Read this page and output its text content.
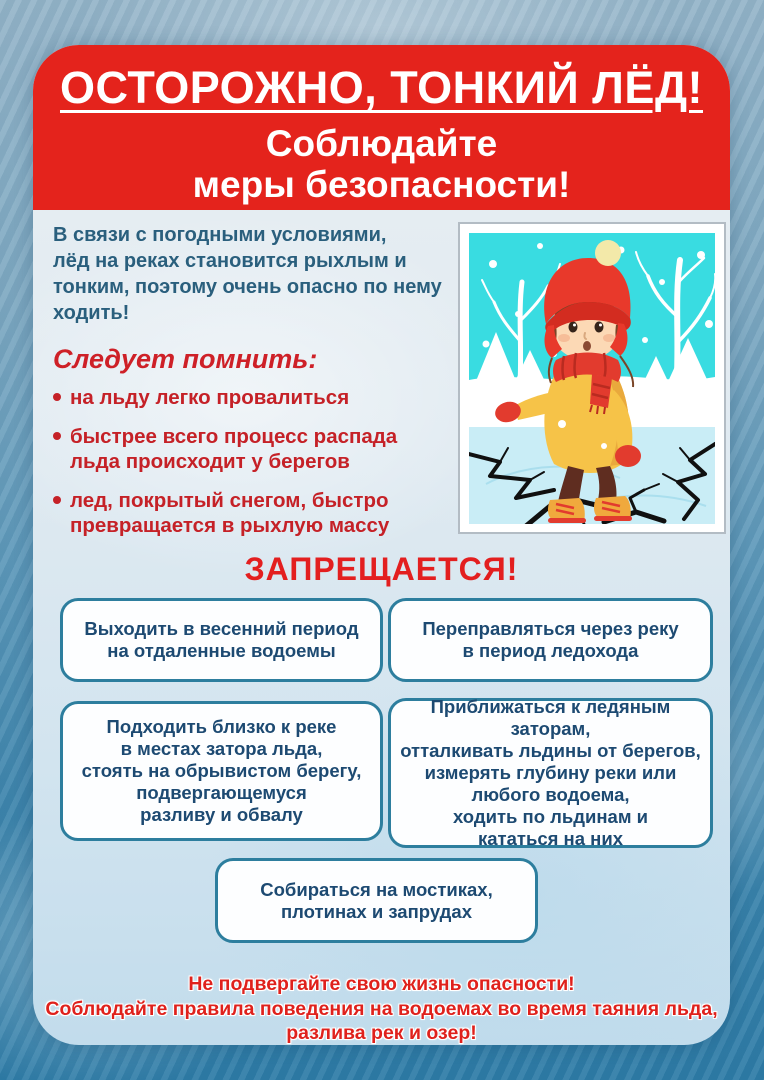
ОСТОРОЖНО, ТОНКИЙ ЛЁД!
Соблюдайте
меры безопасности!
В связи с погодными условиями,
лёд на реках становится рыхлым и
тонким, поэтому очень опасно по нему
ходить!
Следует помнить:
на льду легко провалиться
быстрее всего процесс распада
льда происходит у берегов
лед, покрытый снегом, быстро
превращается в рыхлую массу
ЗАПРЕЩАЕТСЯ!
Выходить в весенний период
на отдаленные водоемы
Переправляться через реку
в период ледохода
Подходить близко к реке
в местах затора льда,
стоять на обрывистом берегу,
подвергающемуся
разливу и обвалу
Приближаться к ледяным заторам,
отталкивать льдины от берегов,
измерять глубину реки или
любого водоема,
ходить по льдинам и
кататься на них
Собираться на мостиках,
плотинах и запрудах
Не подвергайте свою жизнь опасности!
Соблюдайте правила поведения на водоемах во время таяния льда,
разлива рек и озер!
